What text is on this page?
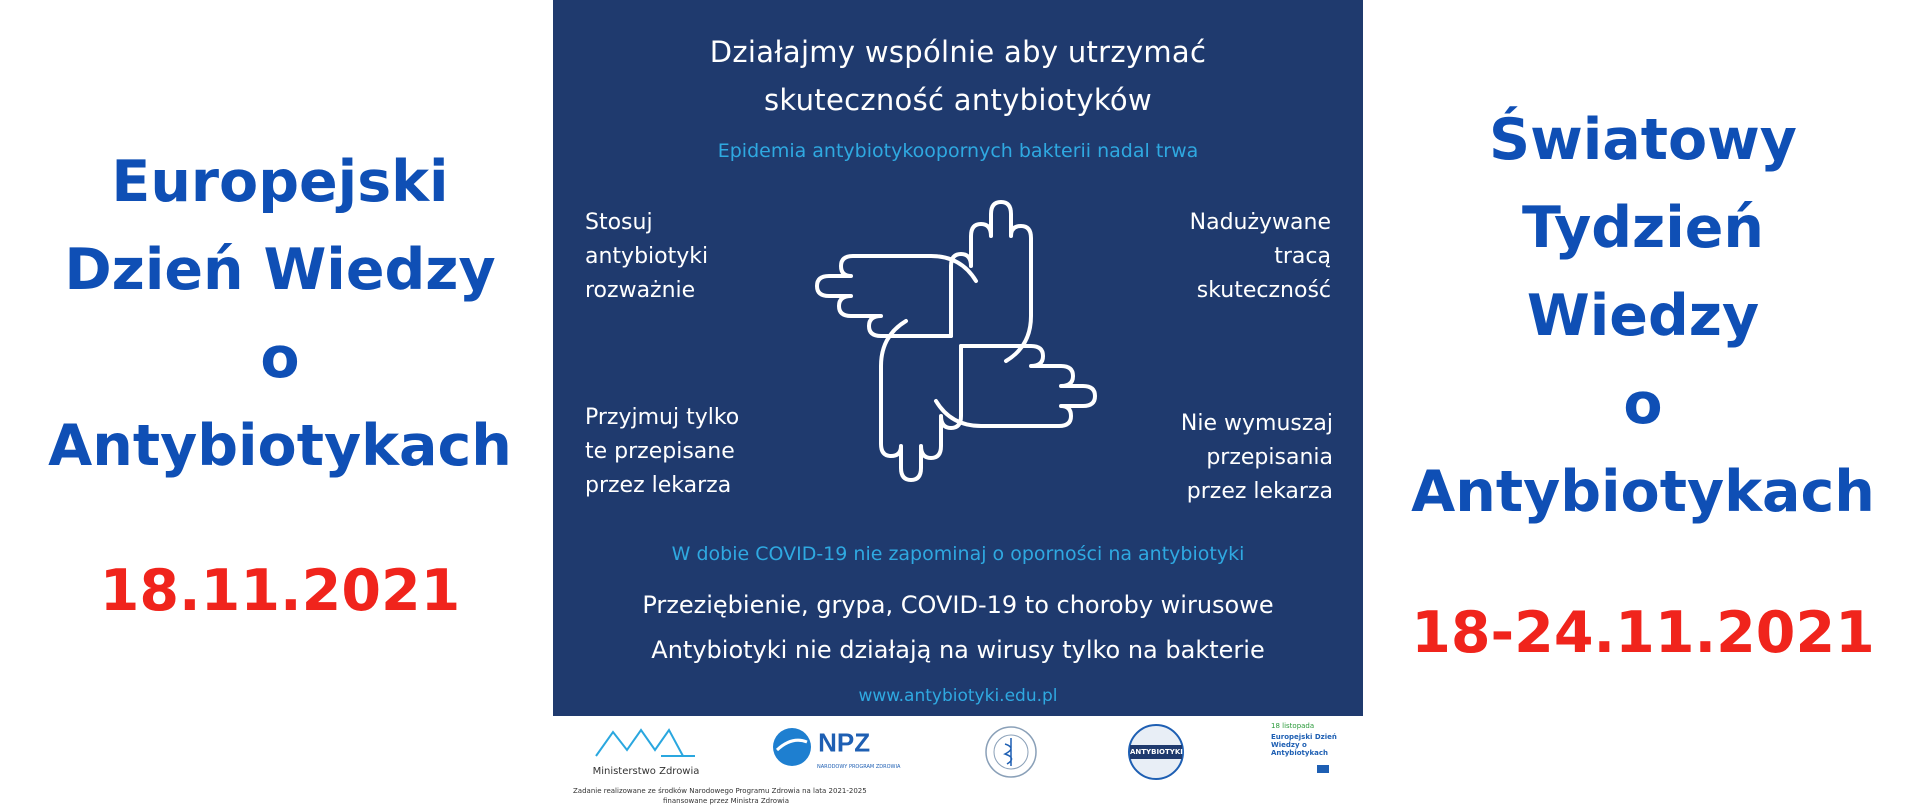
Europejski
Dzień Wiedzy
o
Antybiotykach
18.11.2021
Światowy
Tydzień
Wiedzy
o
Antybiotykach
18-24.11.2021
Działajmy wspólnie aby utrzymać
skuteczność antybiotyków
Epidemia antybiotykoopornych bakterii nadal trwa
Stosuj
antybiotyki
rozważnie
Nadużywane
tracą
skuteczność
Przyjmuj tylko
te przepisane
przez lekarza
Nie wymuszaj
przepisania
przez lekarza
W dobie COVID-19 nie zapominaj o oporności na antybiotyki
Przeziębienie, grypa, COVID-19 to choroby wirusowe
Antybiotyki nie działają na wirusy tylko na bakterie
www.antybiotyki.edu.pl
Ministerstwo Zdrowia
NPZ
NARODOWY PROGRAM ZDROWIA
ANTYBIOTYKI
18 listopada
Europejski Dzień Wiedzy o Antybiotykach
Zadanie realizowane ze środków Narodowego Programu Zdrowia na lata 2021-2025
finansowane przez Ministra Zdrowia
